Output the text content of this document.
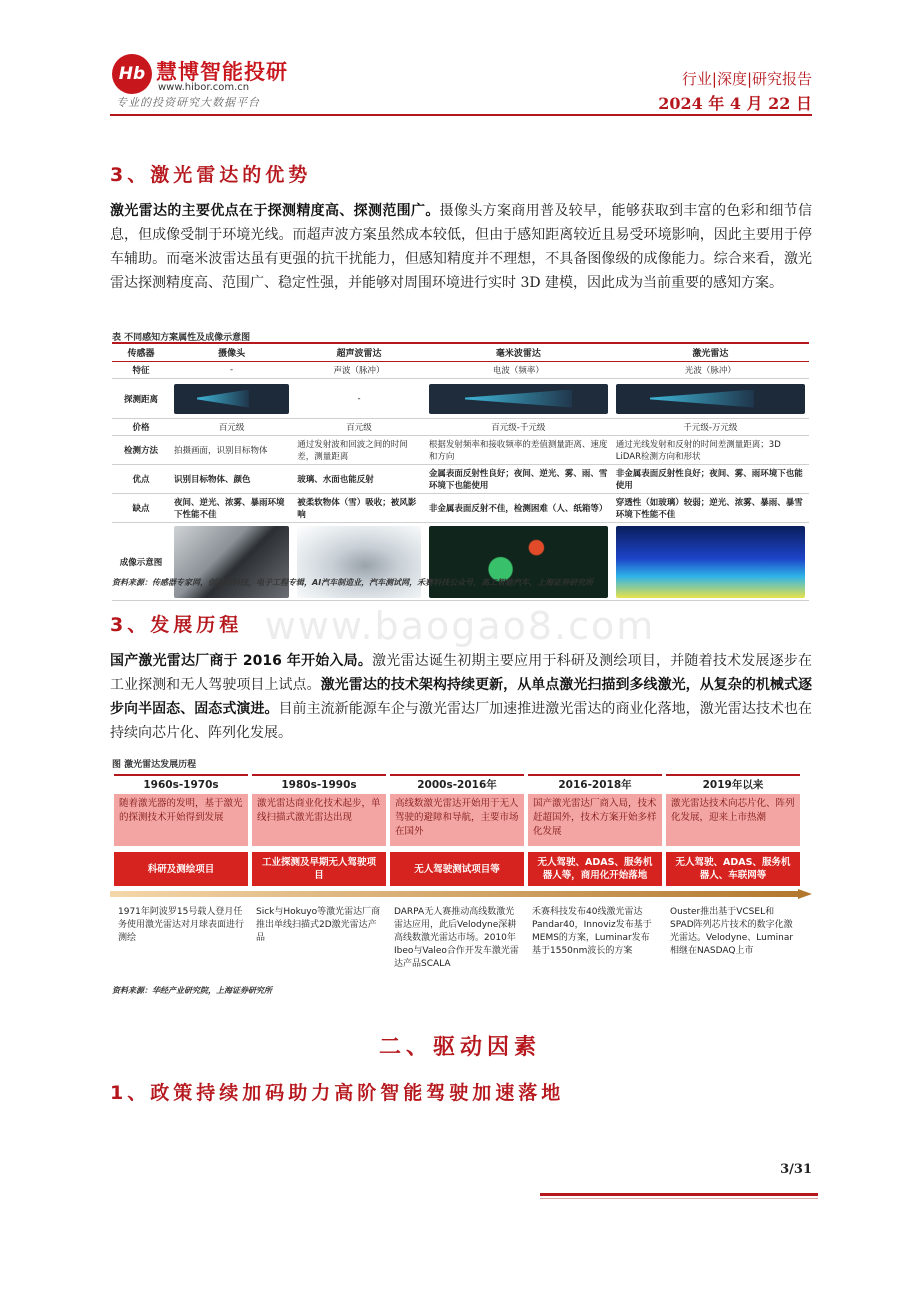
Hb 慧博智能投研
www.hibor.com.cn
专业的投资研究大数据平台
行业|深度|研究报告
2024 年 4 月 22 日
3、激光雷达的优势

激光雷达的主要优点在于探测精度高、探测范围广。摄像头方案商用普及较早，能够获取到丰富的色彩和细节信息，但成像受制于环境光线。而超声波方案虽然成本较低，但由于感知距离较近且易受环境影响，因此主要用于停车辅助。而毫米波雷达虽有更强的抗干扰能力，但感知精度并不理想，不具备图像级的成像能力。综合来看，激光雷达探测精度高、范围广、稳定性强，并能够对周围环境进行实时 3D 建模，因此成为当前重要的感知方案。

表 不同感知方案属性及成像示意图
传感器	摄像头	超声波雷达	毫米波雷达	激光雷达
特征	-	声波（脉冲）	电波（频率）	光波（脉冲）
探测距离		-	

价格	百元级	百元级	百元级-千元级	千元级-万元级
检测方法	拍摄画面，识别目标物体	通过发射波和回波之间的时间差，测量距离	根据发射频率和接收频率的差值测量距离、速度和方向	通过光线发射和反射的时间差测量距离；3D LiDAR检测方向和形状
优点	识别目标物体、颜色	玻璃、水面也能反射	金属表面反射性良好；夜间、逆光、雾、雨、雪环境下也能使用	非金属表面反射性良好；夜间、雾、雨环境下也能使用
缺点	夜间、逆光、浓雾、暴雨环境下性能不佳	被柔软物体（雪）吸收；被风影响	非金属表面反射不佳，检测困难（人、纸箱等）	穿透性（如玻璃）较弱；逆光、浓雾、暴雨、暴雪环境下性能不佳
成像示意图	

资料来源：传感器专家网，创道硬科技，电子工程专辑，AI汽车制造业，汽车测试网，禾赛科技公众号，高工智能汽车，上海证券研究所
www.baogao8.com
3、发展历程

国产激光雷达厂商于 2016 年开始入局。激光雷达诞生初期主要应用于科研及测绘项目，并随着技术发展逐步在工业探测和无人驾驶项目上试点。激光雷达的技术架构持续更新，从单点激光扫描到多线激光，从复杂的机械式逐步向半固态、固态式演进。目前主流新能源车企与激光雷达厂加速推进激光雷达的商业化落地，激光雷达技术也在持续向芯片化、阵列化发展。

图 激光雷达发展历程
1960s-1970s
随着激光器的发明，基于激光的探测技术开始得到发展
科研及测绘项目
1971年阿波罗15号载人登月任务使用激光雷达对月球表面进行测绘
1980s-1990s
激光雷达商业化技术起步，单线扫描式激光雷达出现
工业探测及早期无人驾驶项目
Sick与Hokuyo等激光雷达厂商推出单线扫描式2D激光雷达产品
2000s-2016年
高线数激光雷达开始用于无人驾驶的避障和导航，主要市场在国外
无人驾驶测试项目等
DARPA无人赛推动高线数激光雷达应用，此后Velodyne深耕高线数激光雷达市场。2010年Ibeo与Valeo合作开发车激光雷达产品SCALA
2016-2018年
国产激光雷达厂商入局，技术赶超国外，技术方案开始多样化发展
无人驾驶、ADAS、服务机器人等，商用化开始落地
禾赛科技发布40线激光雷达Pandar40，Innoviz发布基于MEMS的方案，Luminar发布基于1550nm波长的方案
2019年以来
激光雷达技术向芯片化、阵列化发展，迎来上市热潮
无人驾驶、ADAS、服务机器人、车联网等
Ouster推出基于VCSEL和SPAD阵列芯片技术的数字化激光雷达。Velodyne、Luminar相继在NASDAQ上市
资料来源：华经产业研究院，上海证券研究所
二、驱动因素
1、政策持续加码助力高阶智能驾驶加速落地
3/31
